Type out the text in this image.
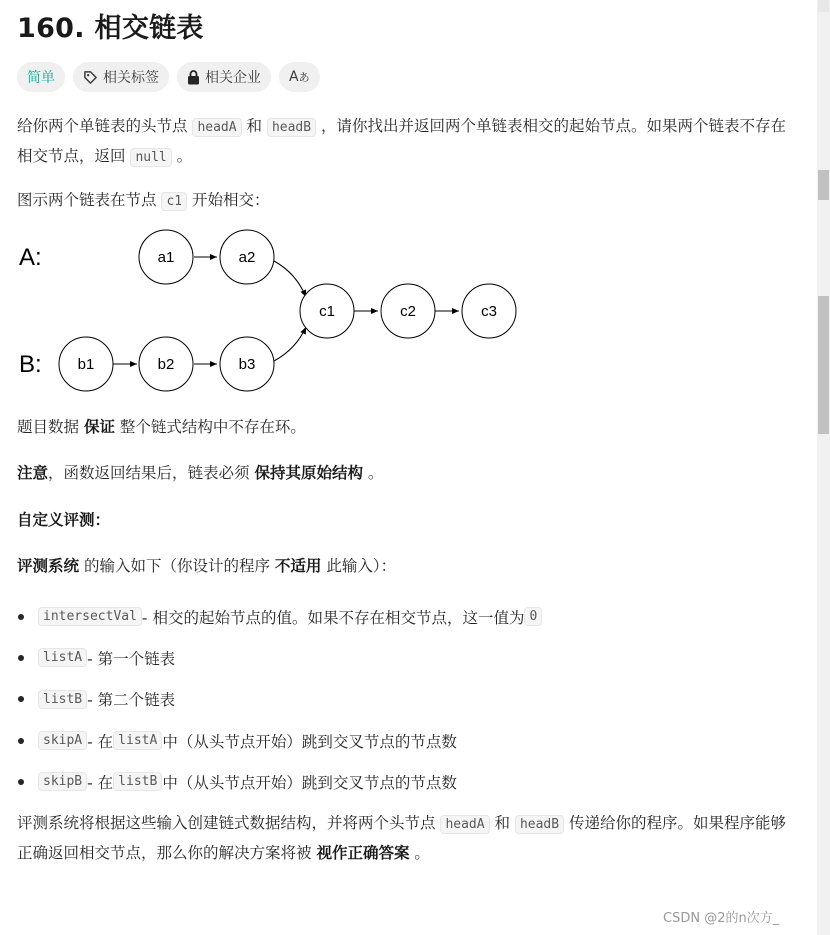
160. 相交链表
简单	相关标签	相关企业 Aあ

给你两个单链表的头节点 headA 和 headB ，请你找出并返回两个单链表相交的起始节点。如果两个链表不存在相交节点，返回 null 。

图示两个链表在节点 c1 开始相交：

A:
B:
a1	a2
b1	b2	b3
c1	c2	c3

题目数据 保证 整个链式结构中不存在环。

注意，函数返回结果后，链表必须 保持其原始结构 。

自定义评测：

评测系统 的输入如下（你设计的程序 不适用 此输入）：

intersectVal - 相交的起始节点的值。如果不存在相交节点，这一值为 0
listA - 第一个链表
listB - 第二个链表
skipA - 在 listA 中（从头节点开始）跳到交叉节点的节点数
skipB - 在 listB 中（从头节点开始）跳到交叉节点的节点数

评测系统将根据这些输入创建链式数据结构，并将两个头节点 headA 和 headB 传递给你的程序。如果程序能够正确返回相交节点，那么你的解决方案将被 视作正确答案 。

CSDN @2的n次方_
